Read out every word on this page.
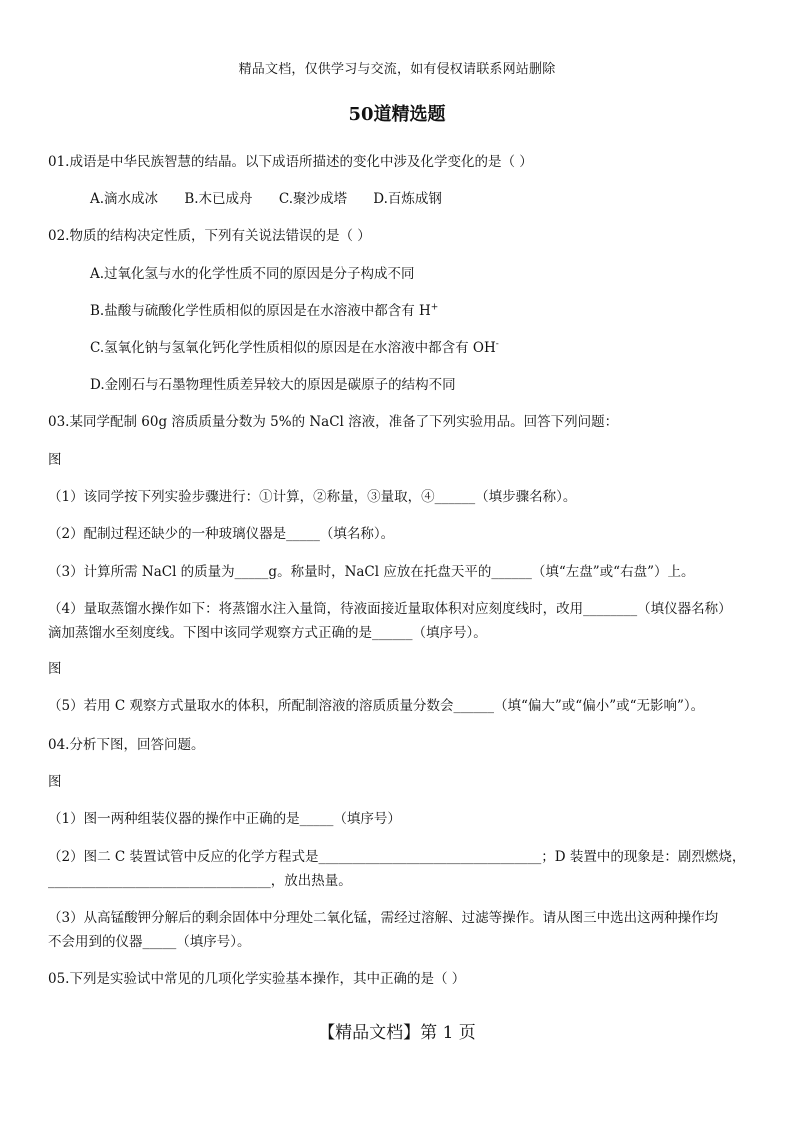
精品文档，仅供学习与交流，如有侵权请联系网站删除
50道精选题
01.成语是中华民族智慧的结晶。以下成语所描述的变化中涉及化学变化的是（ ）
A.滴水成冰 B.木已成舟 C.聚沙成塔 D.百炼成钢
02.物质的结构决定性质，下列有关说法错误的是（ ）
A.过氧化氢与水的化学性质不同的原因是分子构成不同
B.盐酸与硫酸化学性质相似的原因是在水溶液中都含有 H+
C.氢氧化钠与氢氧化钙化学性质相似的原因是在水溶液中都含有 OH-
D.金刚石与石墨物理性质差异较大的原因是碳原子的结构不同
03.某同学配制 60g 溶质质量分数为 5%的 NaCl 溶液，准备了下列实验用品。回答下列问题：
图
（1）该同学按下列实验步骤进行：①计算，②称量，③量取，④______（填步骤名称）。
（2）配制过程还缺少的一种玻璃仪器是_____（填名称）。
（3）计算所需 NaCl 的质量为_____g。称量时，NaCl 应放在托盘天平的______（填“左盘”或“右盘”）上。
（4）量取蒸馏水操作如下：将蒸馏水注入量筒，待液面接近量取体积对应刻度线时，改用________（填仪器名称）
滴加蒸馏水至刻度线。下图中该同学观察方式正确的是______（填序号）。
图
（5）若用 C 观察方式量取水的体积，所配制溶液的溶质质量分数会______（填“偏大”或“偏小”或“无影响”）。
04.分析下图，回答问题。
图
（1）图一两种组装仪器的操作中正确的是_____（填序号）
（2）图二 C 装置试管中反应的化学方程式是_________________________________；D 装置中的现象是：剧烈燃烧，
_________________________________，放出热量。
（3）从高锰酸钾分解后的剩余固体中分理处二氧化锰，需经过溶解、过滤等操作。请从图三中选出这两种操作均
不会用到的仪器_____（填序号）。
05.下列是实验试中常见的几项化学实验基本操作，其中正确的是（ ）
【精品文档】第 1 页
